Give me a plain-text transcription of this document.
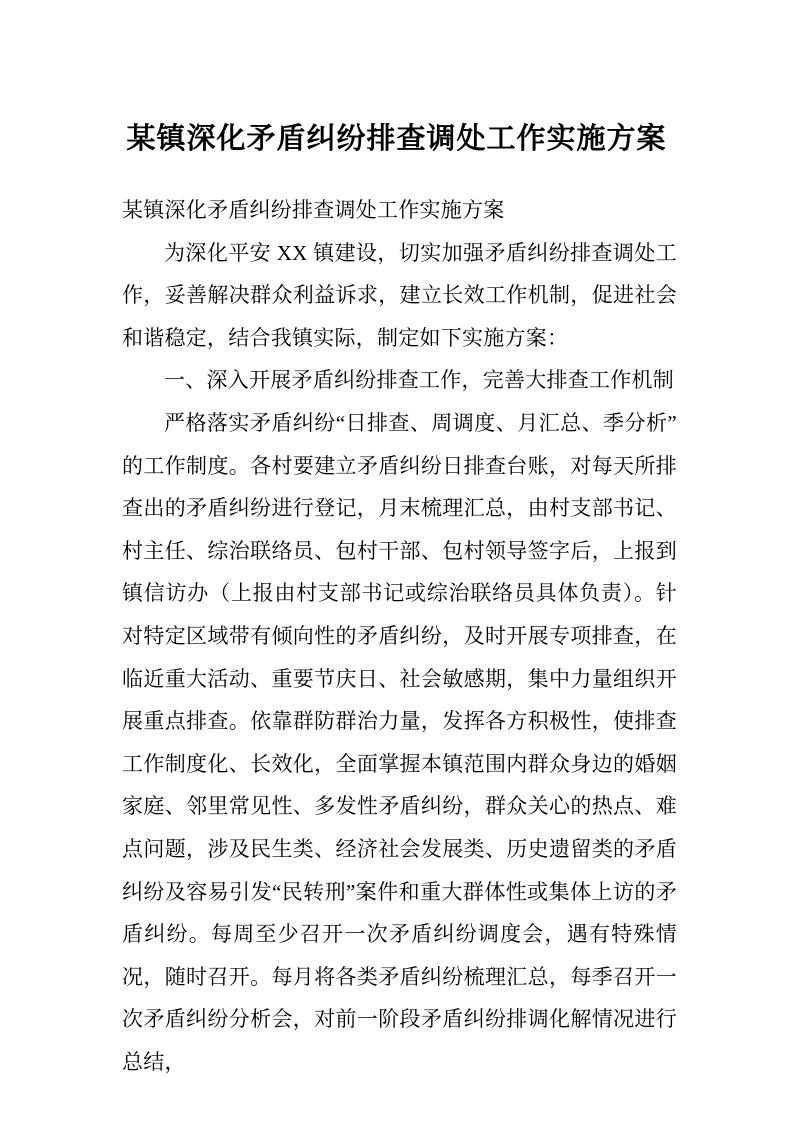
某镇深化矛盾纠纷排查调处工作实施方案

某镇深化矛盾纠纷排查调处工作实施方案

为深化平安 XX 镇建设，切实加强矛盾纠纷排查调处工作，妥善解决群众利益诉求，建立长效工作机制，促进社会和谐稳定，结合我镇实际，制定如下实施方案：

一、深入开展矛盾纠纷排查工作，完善大排查工作机制

严格落实矛盾纠纷“日排查、周调度、月汇总、季分析”的工作制度。各村要建立矛盾纠纷日排查台账，对每天所排查出的矛盾纠纷进行登记，月末梳理汇总，由村支部书记、村主任、综治联络员、包村干部、包村领导签字后，上报到镇信访办（上报由村支部书记或综治联络员具体负责）。针对特定区域带有倾向性的矛盾纠纷，及时开展专项排查，在临近重大活动、重要节庆日、社会敏感期，集中力量组织开展重点排查。依靠群防群治力量，发挥各方积极性，使排查工作制度化、长效化，全面掌握本镇范围内群众身边的婚姻家庭、邻里常见性、多发性矛盾纠纷，群众关心的热点、难点问题，涉及民生类、经济社会发展类、历史遗留类的矛盾纠纷及容易引发“民转刑”案件和重大群体性或集体上访的矛盾纠纷。每周至少召开一次矛盾纠纷调度会，遇有特殊情况，随时召开。每月将各类矛盾纠纷梳理汇总，每季召开一次矛盾纠纷分析会，对前一阶段矛盾纠纷排调化解情况进行总结，
